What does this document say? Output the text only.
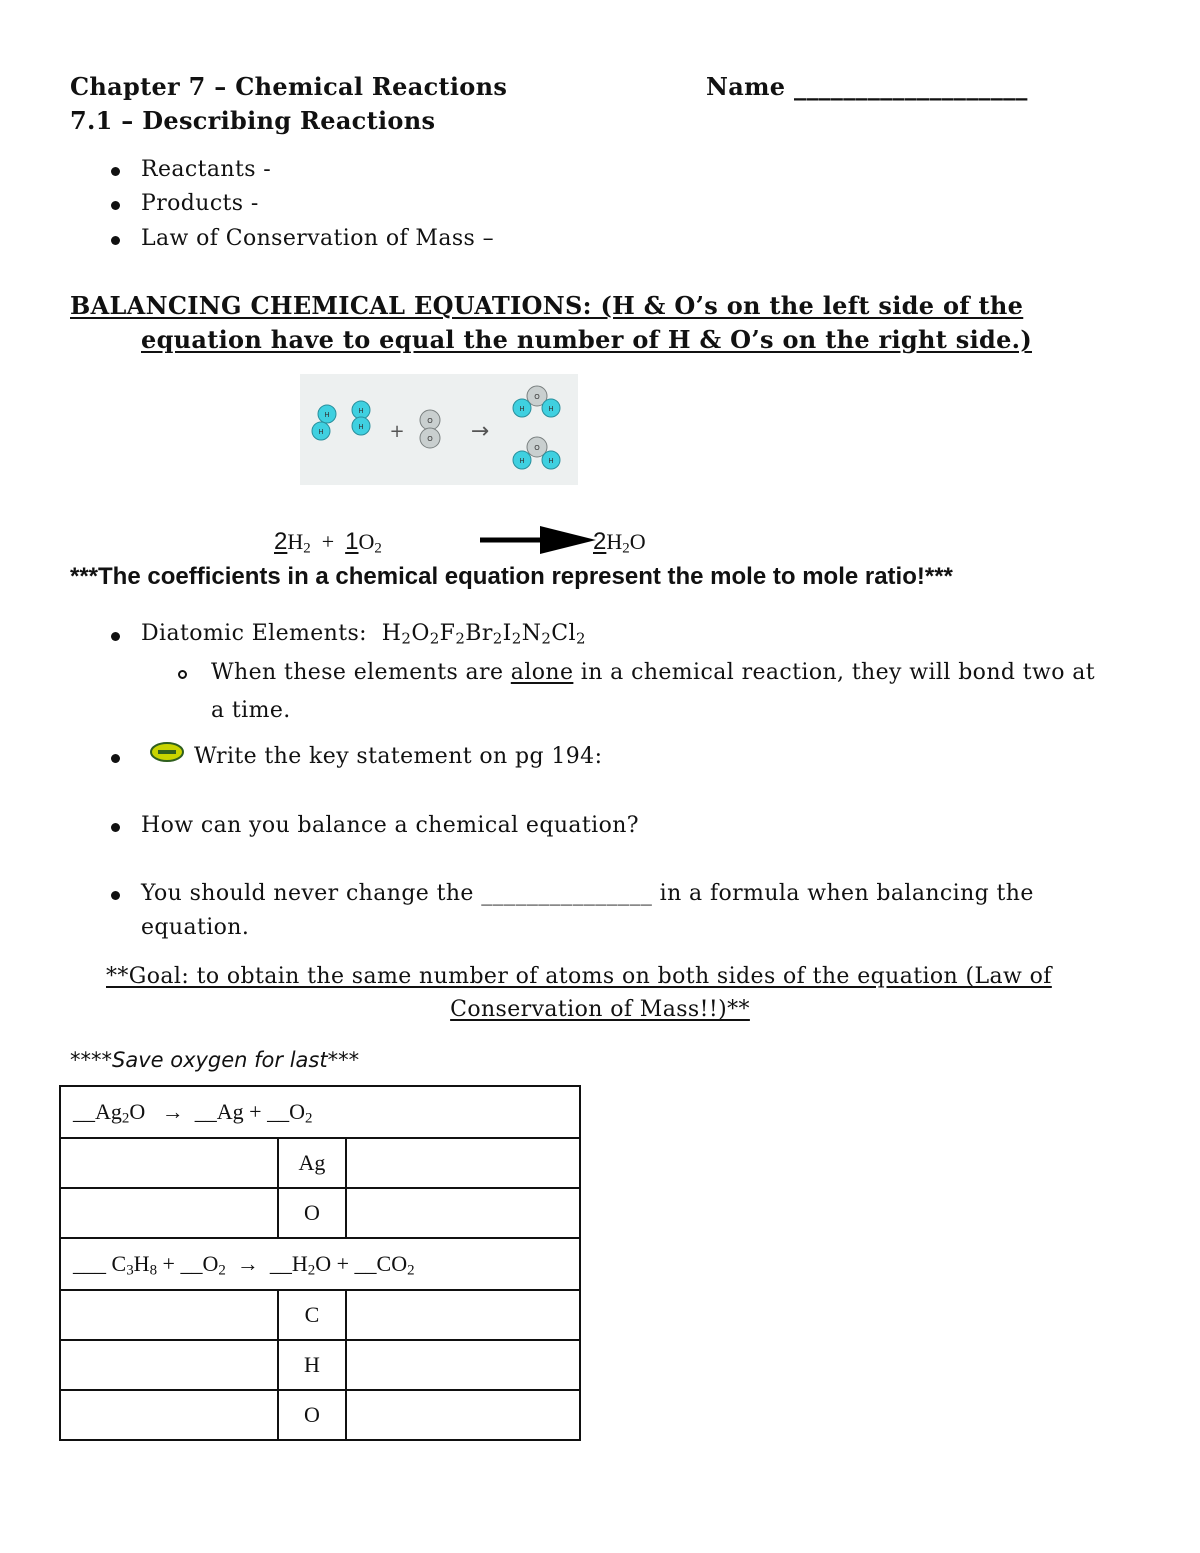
Chapter 7 – Chemical Reactions	Name ___________________
7.1 – Describing Reactions
Reactants -
Products -
Law of Conservation of Mass –
BALANCING CHEMICAL EQUATIONS: (H & O’s on the left side of the
equation have to equal the number of H & O’s on the right side.)
H
H
H
H +	O
O →
O
H	H
O
H	H
$2H_2 + 1O_2$	$2H_2O$
***The coefficients in a chemical equation represent the mole to mole ratio!***
Diatomic Elements: $H_2O_2F_2Br_2I_2N_2Cl_2$
When these elements are alone in a chemical reaction, they will bond two at
a time.
Write the key statement on pg 194:
How can you balance a chemical equation?
You should never change the _______________ in a formula when balancing the
equation.
**Goal: to obtain the same number of atoms on both sides of the equation (Law of
Conservation of Mass!!)**
****Save oxygen for last***
$\_\_Ag_2O$ → __Ag + $\_\_O_2$
	Ag	
	O	
___ $C_3H_8$ + $\_\_O_2$ → $\_\_H_2O$ + $\_\_CO_2$
	C	
	H	
	O	
